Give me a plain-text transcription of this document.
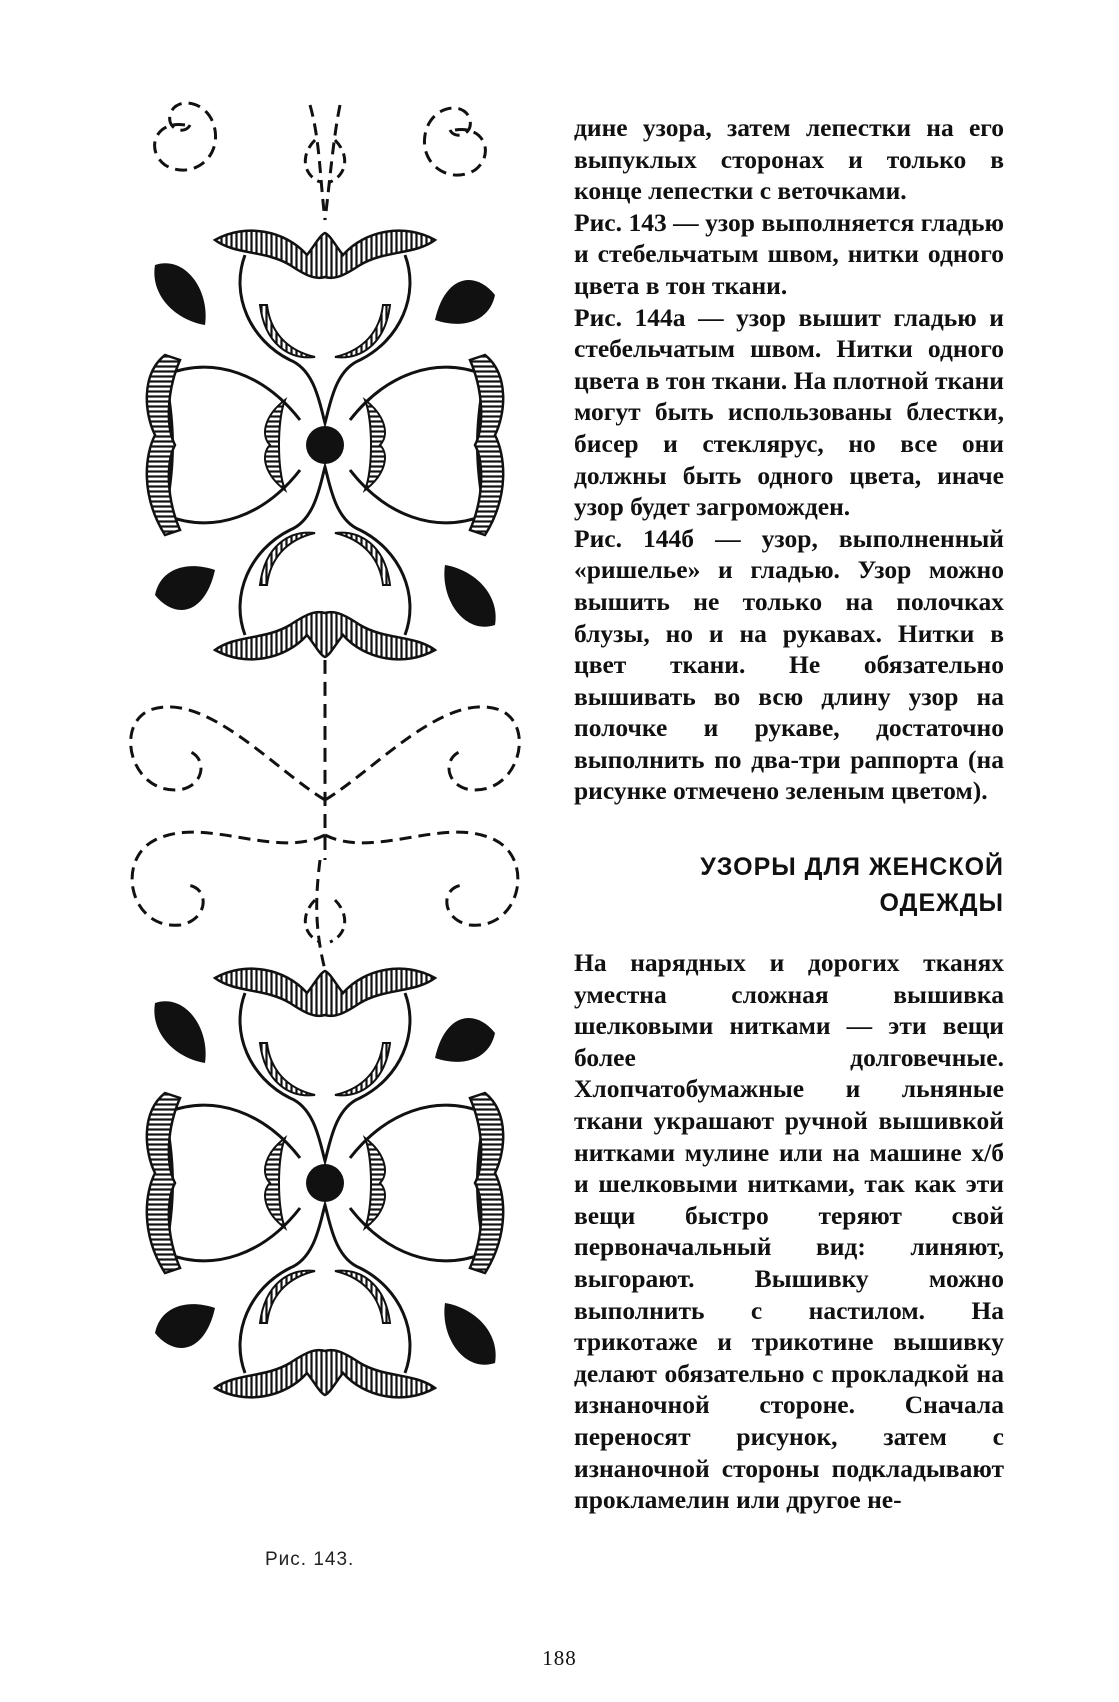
Рис. 143.

дине узора, затем лепестки на его выпуклых сторонах и только в конце лепестки с веточками.

Рис. 143 — узор выполняется гладью и стебельчатым швом, нитки одного цвета в тон ткани.

Рис. 144а — узор вышит гладью и стебельчатым швом. Нитки одного цвета в тон ткани. На плотной ткани могут быть использованы блестки, бисер и стеклярус, но все они должны быть одного цвета, иначе узор будет загроможден.

Рис. 144б — узор, выполненный «ришелье» и гладью. Узор можно вышить не только на полочках блузы, но и на рукавах. Нитки в цвет ткани. Не обязательно вышивать во всю длину узор на полочке и рукаве, достаточно выполнить по два-три раппорта (на рисунке отмечено зеленым цветом).

УЗОРЫ ДЛЯ ЖЕНСКОЙ
ОДЕЖДЫ

На нарядных и дорогих тканях уместна сложная вышивка шелковыми нитками — эти вещи более долговечные. Хлопчатобумажные и льняные ткани украшают ручной вышивкой нитками мулине или на машине х/б и шелковыми нитками, так как эти вещи быстро теряют свой первоначальный вид: линяют, выгорают. Вышивку можно выполнить с настилом. На трикотаже и трикотине вышивку делают обязательно с прокладкой на изнаночной стороне. Сначала переносят рисунок, затем с изнаночной стороны подкладывают прокламелин или другое не-

188
